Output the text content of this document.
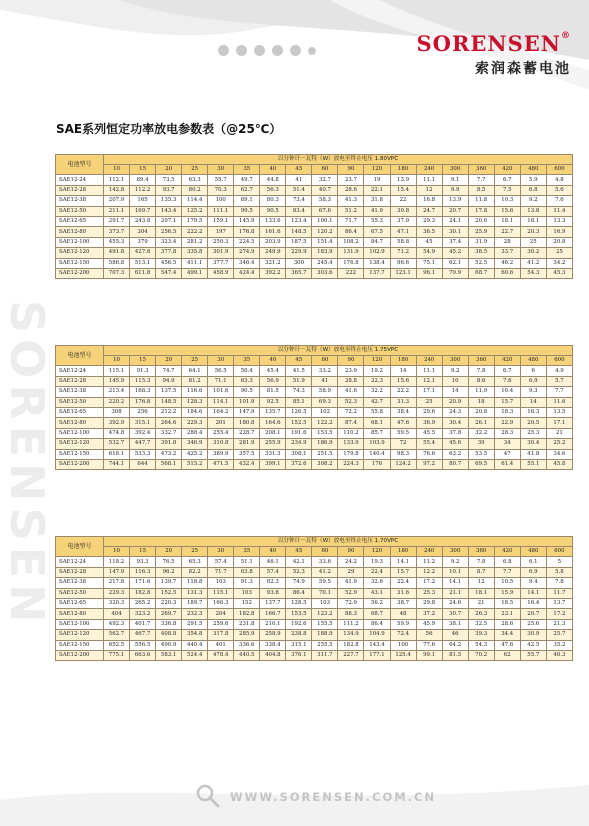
SORENSEN®
索润森蓄电池
SAE系列恒定功率放电参数表（@25℃）
SORENSEN
电池型号	以分钟计－瓦特（W）放电至终止电压 1.80VPC																	
	10	15	20	25	30	35	40	45	60	90	120	180	240	300	360	420	480	600
SAE12-24	112.1	89.4	73.5	63.3	55.7	49.7	44.8	41	32.7	23.7	19	13.9	11.1	9.1	7.7	6.7	5.9	4.8
SAE12-28	142.8	112.2	93.7	80.2	70.3	62.7	56.3	51.4	40.7	28.6	22.1	15.4	12	9.9	8.5	7.5	6.8	5.6
SAE12-38	207.9	165	135.3	114.4	100	89.1	80.3	73.4	58.3	41.3	31.8	22	16.8	13.9	11.8	10.3	9.2	7.6
SAE12-50	211.1	169.7	143.4	125.2	111.1	99.5	90.5	83.4	67.6	51.2	41.9	30.8	24.7	20.7	17.8	15.6	13.8	11.4
SAE12-65	291.7	243.8	207.1	179.5	159.1	145.9	133.6	123.4	100.1	71.7	55.3	37.9	29.3	24.1	20.6	18.1	16.1	13.3
SAE12-80	373.7	304	256.5	222.2	197	176.8	161.6	148.5	120.2	86.4	67.5	47.1	36.5	30.1	25.9	22.7	20.3	16.9
SAE12-100	455.3	379	323.4	281.2	250.3	224.5	203.9	187.5	151.4	108.2	84.7	58.8	45	37.4	31.9	28	25	20.8
SAE12-120	491.8	427.8	377.8	335.8	301.9	274.9	249.9	229.9	183.9	131.9	102.9	71.2	54.9	45.2	38.5	33.7	30.2	25
SAE12-150	586.8	513.1	456.5	411.1	377.7	346.4	321.2	300	245.4	176.8	138.4	96.6	75.1	62.1	52.5	46.2	41.2	34.2
SAE12-200	707.3	611.8	547.4	499.1	458.9	424.4	392.2	365.7	303.6	222	137.7	123.1	96.1	79.9	68.7	60.6	54.3	45.3
电池型号	以分钟计－瓦特（W）放电至终止电压 1.75VPC																	
	10	15	20	25	30	35	40	45	60	90	120	180	240	300	360	420	480	600
SAE12-24	115.1	91.3	74.7	64.1	56.5	50.4	45.4	41.5	33.2	23.9	19.2	14	11.1	9.2	7.8	6.7	6	4.9
SAE12-28	145.9	115.3	94.9	81.2	71.1	63.3	56.9	51.9	41	28.8	22.3	15.6	12.1	10	8.6	7.6	6.9	5.7
SAE12-38	213.4	168.3	137.5	116.6	101.6	90.5	81.5	74.3	58.9	41.6	32.2	22.2	17.1	14	11.9	10.4	9.3	7.7
SAE12-50	220.2	176.8	148.5	128.3	114.1	101.9	92.5	85.1	69.3	52.3	42.7	31.3	25	20.9	18	15.7	14	11.6
SAE12-65	308	256	212.2	184.6	164.2	147.9	135.7	126.5	102	72.2	55.8	38.4	29.6	24.3	20.8	18.3	16.3	13.5
SAE12-80	392.9	315.1	264.6	229.3	201	180.8	164.6	152.5	122.2	87.4	68.1	47.6	36.9	30.4	26.1	22.9	20.5	17.1
SAE12-100	474.8	392.4	332.7	288.4	255.4	228.7	208.1	191.6	153.5	110.2	85.7	59.5	45.5	37.8	32.2	28.3	25.3	21
SAE12-120	532.7	447.7	391.8	346.9	310.8	281.9	255.9	234.9	186.9	133.9	103.9	72	55.4	45.6	39	34	30.4	25.2
SAE12-150	618.1	533.3	473.2	425.2	389.9	357.5	331.3	308.1	251.5	179.8	140.4	98.3	76.6	63.2	53.5	47	41.8	34.6
SAE12-200	744.1	644	568.1	515.2	471.5	432.4	399.1	372.6	308.2	224.3	176	124.2	97.2	80.7	69.5	61.4	55.1	45.8
电池型号	以分钟计－瓦特（W）放电至终止电压 1.70VPC																	
	10	15	20	25	30	35	40	45	60	90	120	180	240	300	360	420	480	600
SAE12-24	118.2	93.3	76.5	65.3	57.4	51.1	46.1	42.1	33.6	24.2	19.3	14.1	11.2	9.2	7.8	6.8	6.1	5
SAE12-28	147.9	116.3	96.2	82.2	71.7	63.8	57.4	52.3	41.2	29	22.4	15.7	12.2	10.1	8.7	7.7	6.9	5.8
SAE12-38	217.8	171.6	139.7	118.8	103	91.3	82.3	74.9	59.5	41.9	32.6	22.4	17.2	14.1	12	10.5	9.4	7.8
SAE12-50	229.3	182.8	152.5	131.3	115.1	103	93.8	86.4	70.1	52.9	43.1	31.6	25.3	21.1	18.1	15.9	14.1	11.7
SAE12-65	320.3	265.2	220.3	189.7	166.3	152	137.7	128.5	103	72.9	56.2	38.7	29.8	24.6	21	18.5	16.4	13.7
SAE12-80	404	323.2	269.7	232.3	204	182.8	166.7	153.5	123.2	88.3	68.7	48	37.2	30.7	26.3	23.1	20.7	17.2
SAE12-100	492.3	401.7	336.8	291.5	259.6	231.8	210.1	192.6	155.5	111.2	86.4	59.9	45.9	38.1	32.5	28.6	25.6	21.3
SAE12-120	562.7	467.7	408.8	354.8	317.8	285.9	258.9	238.8	188.9	134.9	104.9	72.4	56	46	39.3	34.4	30.9	25.7
SAE12-150	652.5	556.5	490.9	440.4	401	336.6	338.4	315.1	255.5	182.8	143.4	100	77.6	64.2	54.3	47.6	42.5	35.2
SAE12-200	775.1	663.6	583.1	524.4	478.4	440.5	404.8	376.1	311.7	227.7	177.1	125.4	99.1	81.5	70.2	62	55.7	46.3
WWW.SORENSEN.COM.CN
